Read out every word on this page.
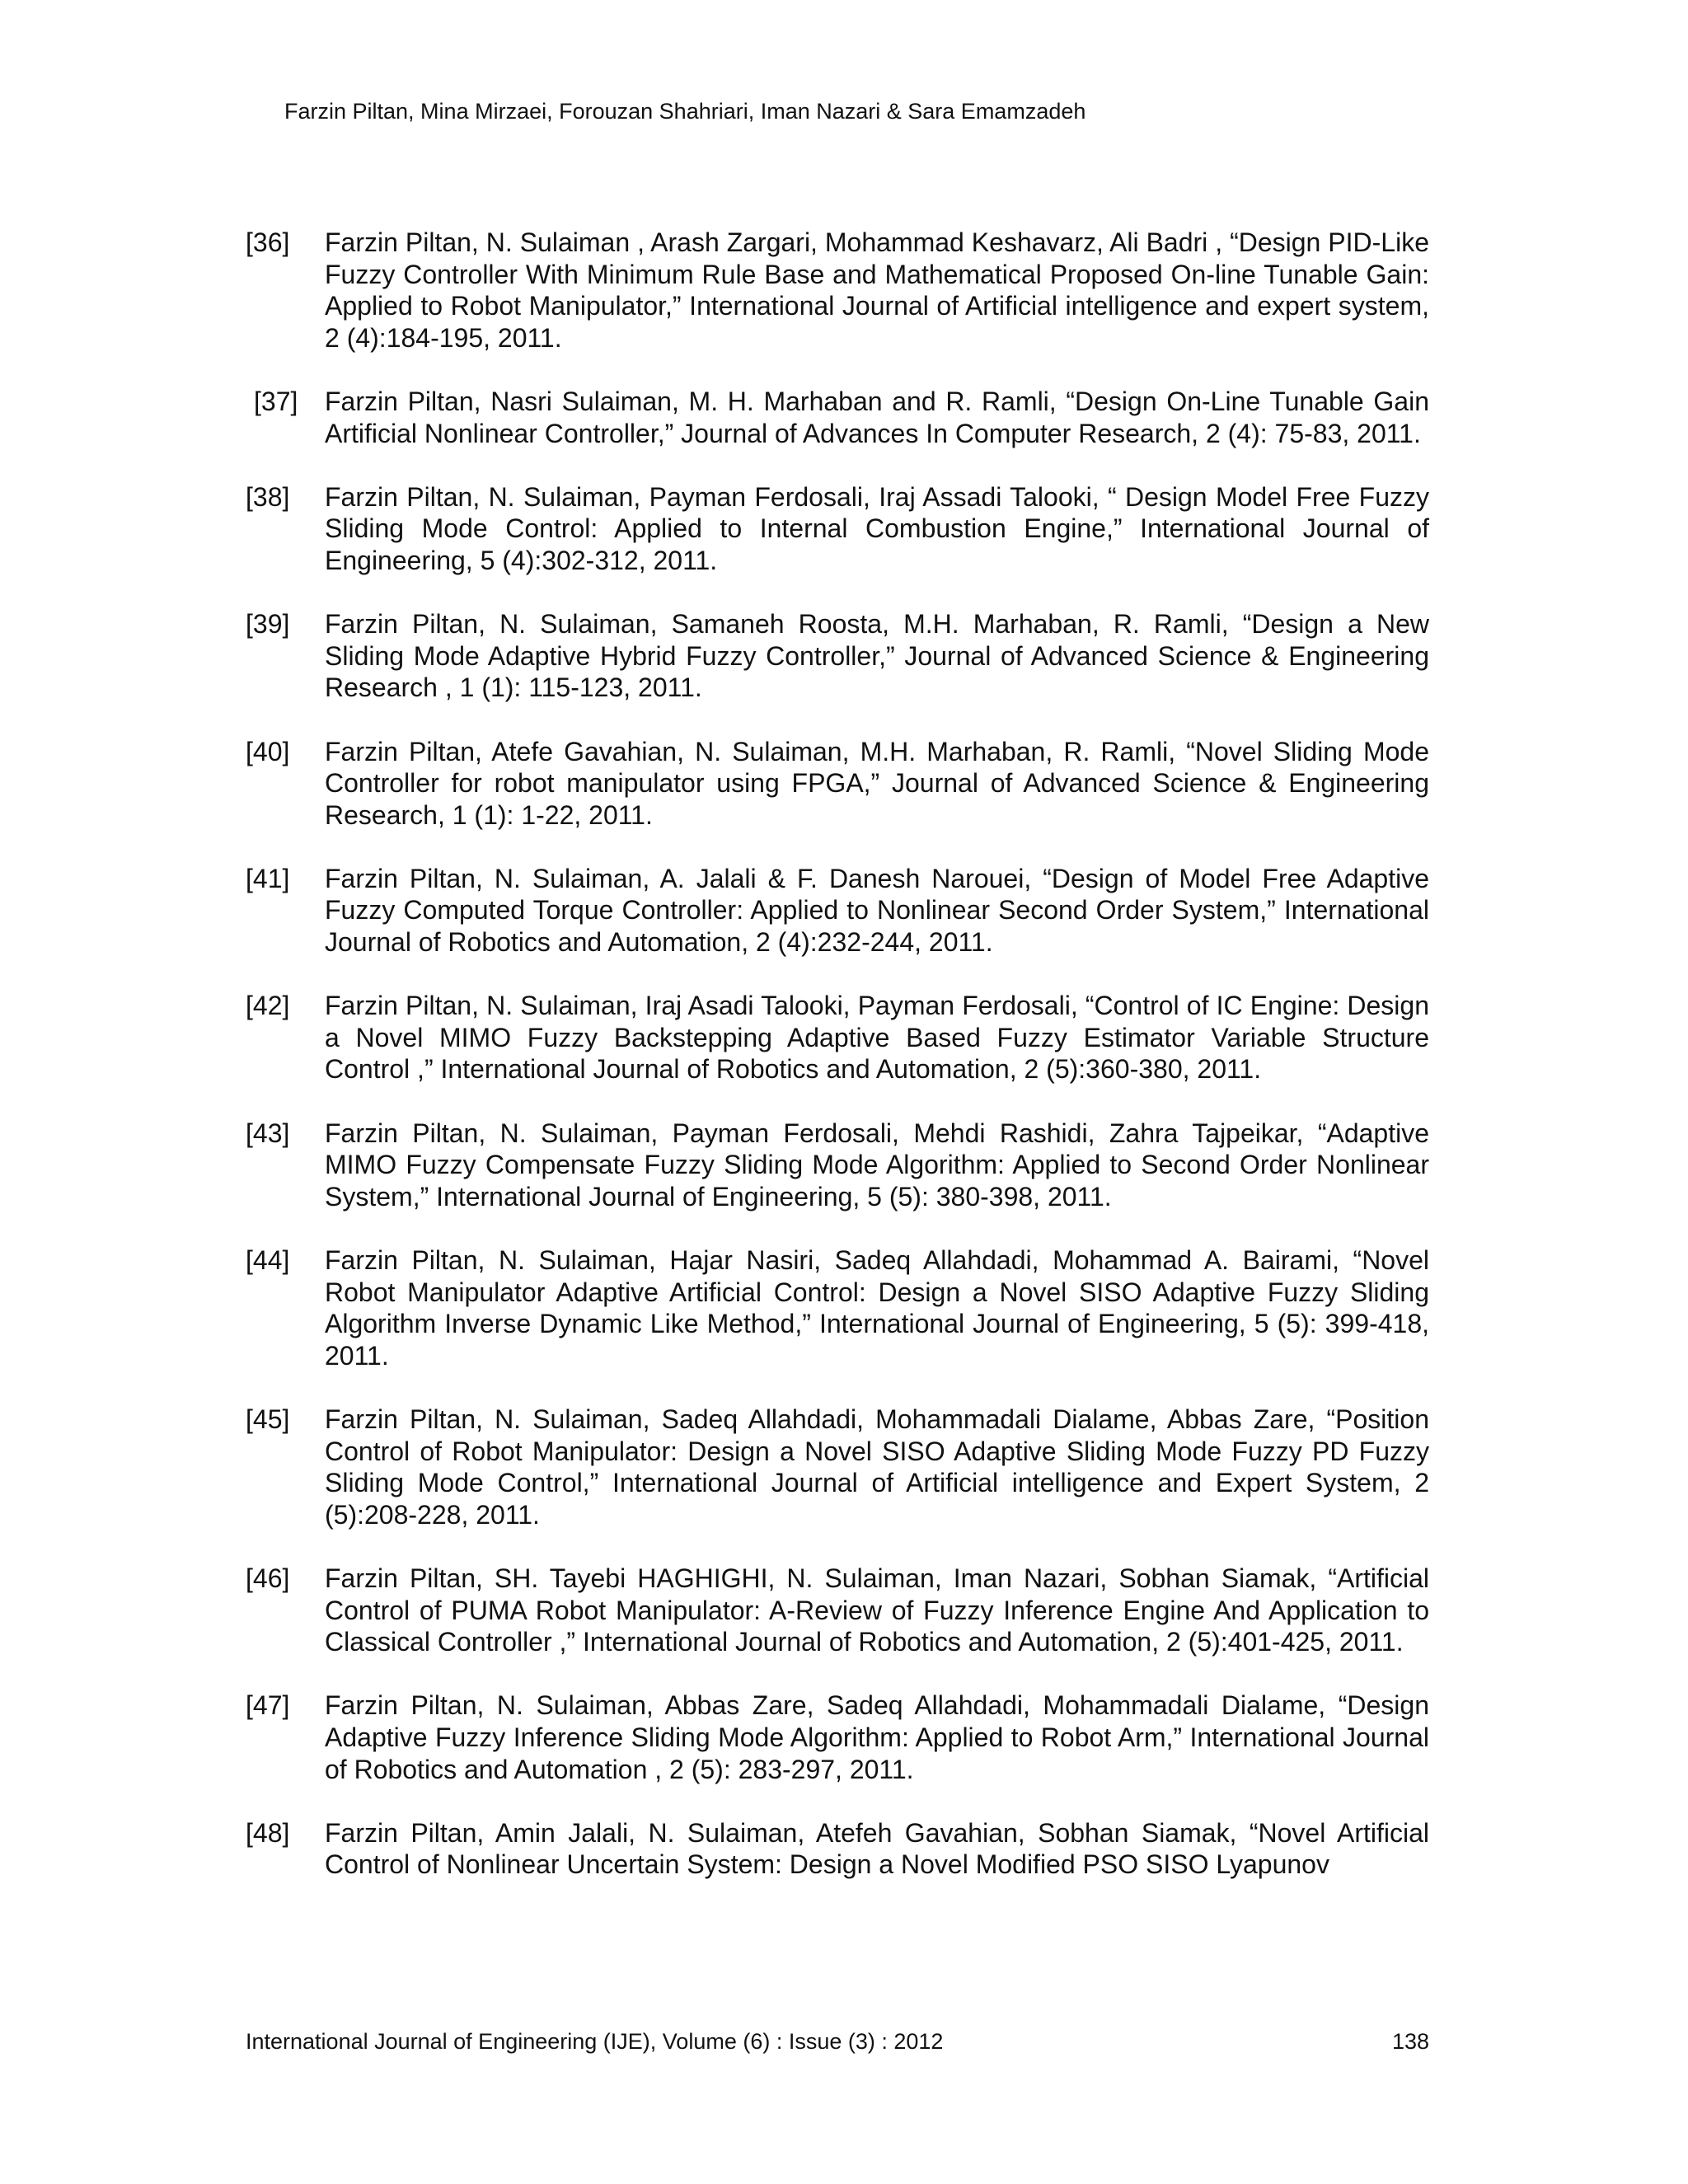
Farzin Piltan, Mina Mirzaei, Forouzan Shahriari, Iman Nazari & Sara Emamzadeh
[36] Farzin Piltan, N. Sulaiman , Arash Zargari, Mohammad Keshavarz, Ali Badri , “Design PID-Like Fuzzy Controller With Minimum Rule Base and Mathematical Proposed On-line Tunable Gain: Applied to Robot Manipulator,” International Journal of Artificial intelligence and expert system, 2 (4):184-195, 2011.
[37] Farzin Piltan, Nasri Sulaiman, M. H. Marhaban and R. Ramli, “Design On-Line Tunable Gain Artificial Nonlinear Controller,” Journal of Advances In Computer Research, 2 (4): 75-83, 2011.
[38] Farzin Piltan, N. Sulaiman, Payman Ferdosali, Iraj Assadi Talooki, “ Design Model Free Fuzzy Sliding Mode Control: Applied to Internal Combustion Engine,” International Journal of Engineering, 5 (4):302-312, 2011.
[39] Farzin Piltan, N. Sulaiman, Samaneh Roosta, M.H. Marhaban, R. Ramli, “Design a New Sliding Mode Adaptive Hybrid Fuzzy Controller,” Journal of Advanced Science & Engineering Research , 1 (1): 115-123, 2011.
[40] Farzin Piltan, Atefe Gavahian, N. Sulaiman, M.H. Marhaban, R. Ramli, “Novel Sliding Mode Controller for robot manipulator using FPGA,” Journal of Advanced Science & Engineering Research, 1 (1): 1-22, 2011.
[41] Farzin Piltan, N. Sulaiman, A. Jalali & F. Danesh Narouei, “Design of Model Free Adaptive Fuzzy Computed Torque Controller: Applied to Nonlinear Second Order System,” International Journal of Robotics and Automation, 2 (4):232-244, 2011.
[42] Farzin Piltan, N. Sulaiman, Iraj Asadi Talooki, Payman Ferdosali, “Control of IC Engine: Design a Novel MIMO Fuzzy Backstepping Adaptive Based Fuzzy Estimator Variable Structure Control ,” International Journal of Robotics and Automation, 2 (5):360-380, 2011.
[43] Farzin Piltan, N. Sulaiman, Payman Ferdosali, Mehdi Rashidi, Zahra Tajpeikar, “Adaptive MIMO Fuzzy Compensate Fuzzy Sliding Mode Algorithm: Applied to Second Order Nonlinear System,” International Journal of Engineering, 5 (5): 380-398, 2011.
[44] Farzin Piltan, N. Sulaiman, Hajar Nasiri, Sadeq Allahdadi, Mohammad A. Bairami, “Novel Robot Manipulator Adaptive Artificial Control: Design a Novel SISO Adaptive Fuzzy Sliding Algorithm Inverse Dynamic Like Method,” International Journal of Engineering, 5 (5): 399-418, 2011.
[45] Farzin Piltan, N. Sulaiman, Sadeq Allahdadi, Mohammadali Dialame, Abbas Zare, “Position Control of Robot Manipulator: Design a Novel SISO Adaptive Sliding Mode Fuzzy PD Fuzzy Sliding Mode Control,” International Journal of Artificial intelligence and Expert System, 2 (5):208-228, 2011.
[46] Farzin Piltan, SH. Tayebi HAGHIGHI, N. Sulaiman, Iman Nazari, Sobhan Siamak, “Artificial Control of PUMA Robot Manipulator: A-Review of Fuzzy Inference Engine And Application to Classical Controller ,” International Journal of Robotics and Automation, 2 (5):401-425, 2011.
[47] Farzin Piltan, N. Sulaiman, Abbas Zare, Sadeq Allahdadi, Mohammadali Dialame, “Design Adaptive Fuzzy Inference Sliding Mode Algorithm: Applied to Robot Arm,” International Journal of Robotics and Automation , 2 (5): 283-297, 2011.
[48] Farzin Piltan, Amin Jalali, N. Sulaiman, Atefeh Gavahian, Sobhan Siamak, “Novel Artificial Control of Nonlinear Uncertain System: Design a Novel Modified PSO SISO Lyapunov
International Journal of Engineering (IJE), Volume (6) : Issue (3) : 2012	138
